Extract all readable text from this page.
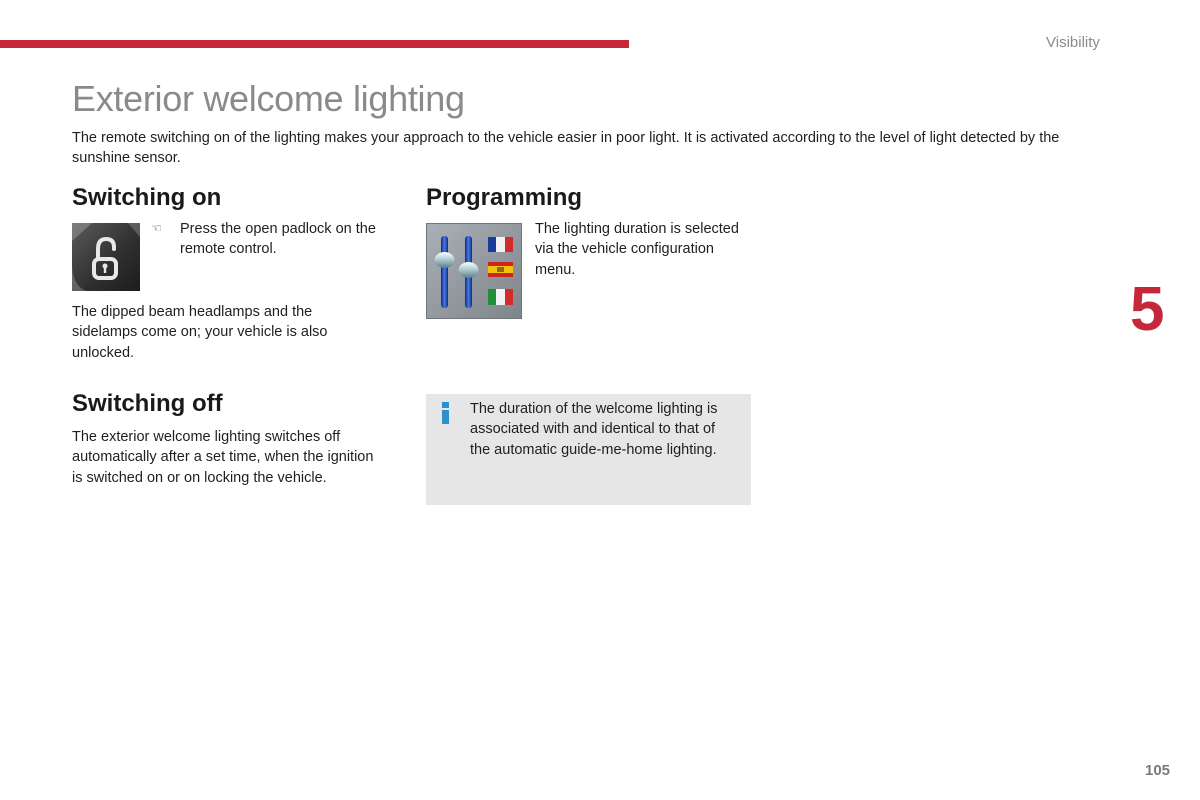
Visibility
Exterior welcome lighting

The remote switching on of the lighting makes your approach to the vehicle easier in poor light. It is activated according to the level of light detected by the sunshine sensor.

Switching on
☜ Press the open padlock on the
remote control.

The dipped beam headlamps and the
sidelamps come on; your vehicle is also
unlocked.

Switching off

The exterior welcome lighting switches off
automatically after a set time, when the ignition
is switched on or on locking the vehicle.

Programming

The lighting duration is selected
via the vehicle configuration
menu.

The duration of the welcome lighting is
associated with and identical to that of
the automatic guide-me-home lighting.

5
105
